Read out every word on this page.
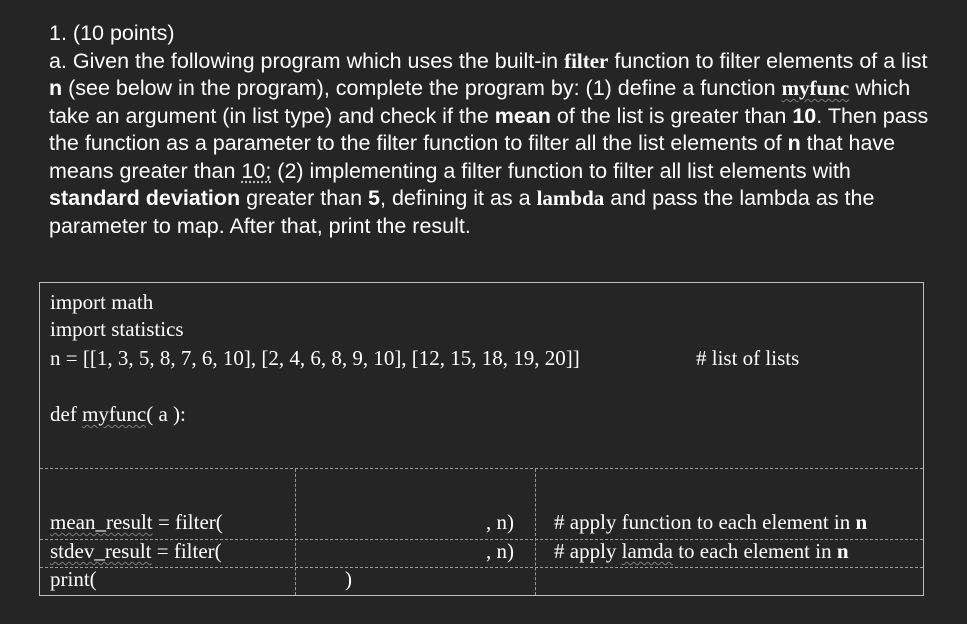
1. (10 points)

a. Given the following program which uses the built-in filter function to filter elements of a list n (see below in the program), complete the program by: (1) define a function myfunc which take an argument (in list type) and check if the mean of the list is greater than 10. Then pass the function as a parameter to the filter function to filter all the list elements of n that have means greater than 10; (2) implementing a filter function to filter all list elements with standard deviation greater than 5, defining it as a lambda and pass the lambda as the parameter to map. After that, print the result.

import math
import statistics
n = [[1, 3, 5, 8, 7, 6, 10], [2, 4, 6, 8, 9, 10], [12, 15, 18, 19, 20]]	# list of lists
def myfunc( a ):
mean_result = filter(	, n) # apply function to each element in n
stdev_result = filter(	, n) # apply lamda to each element in n
print(	)
